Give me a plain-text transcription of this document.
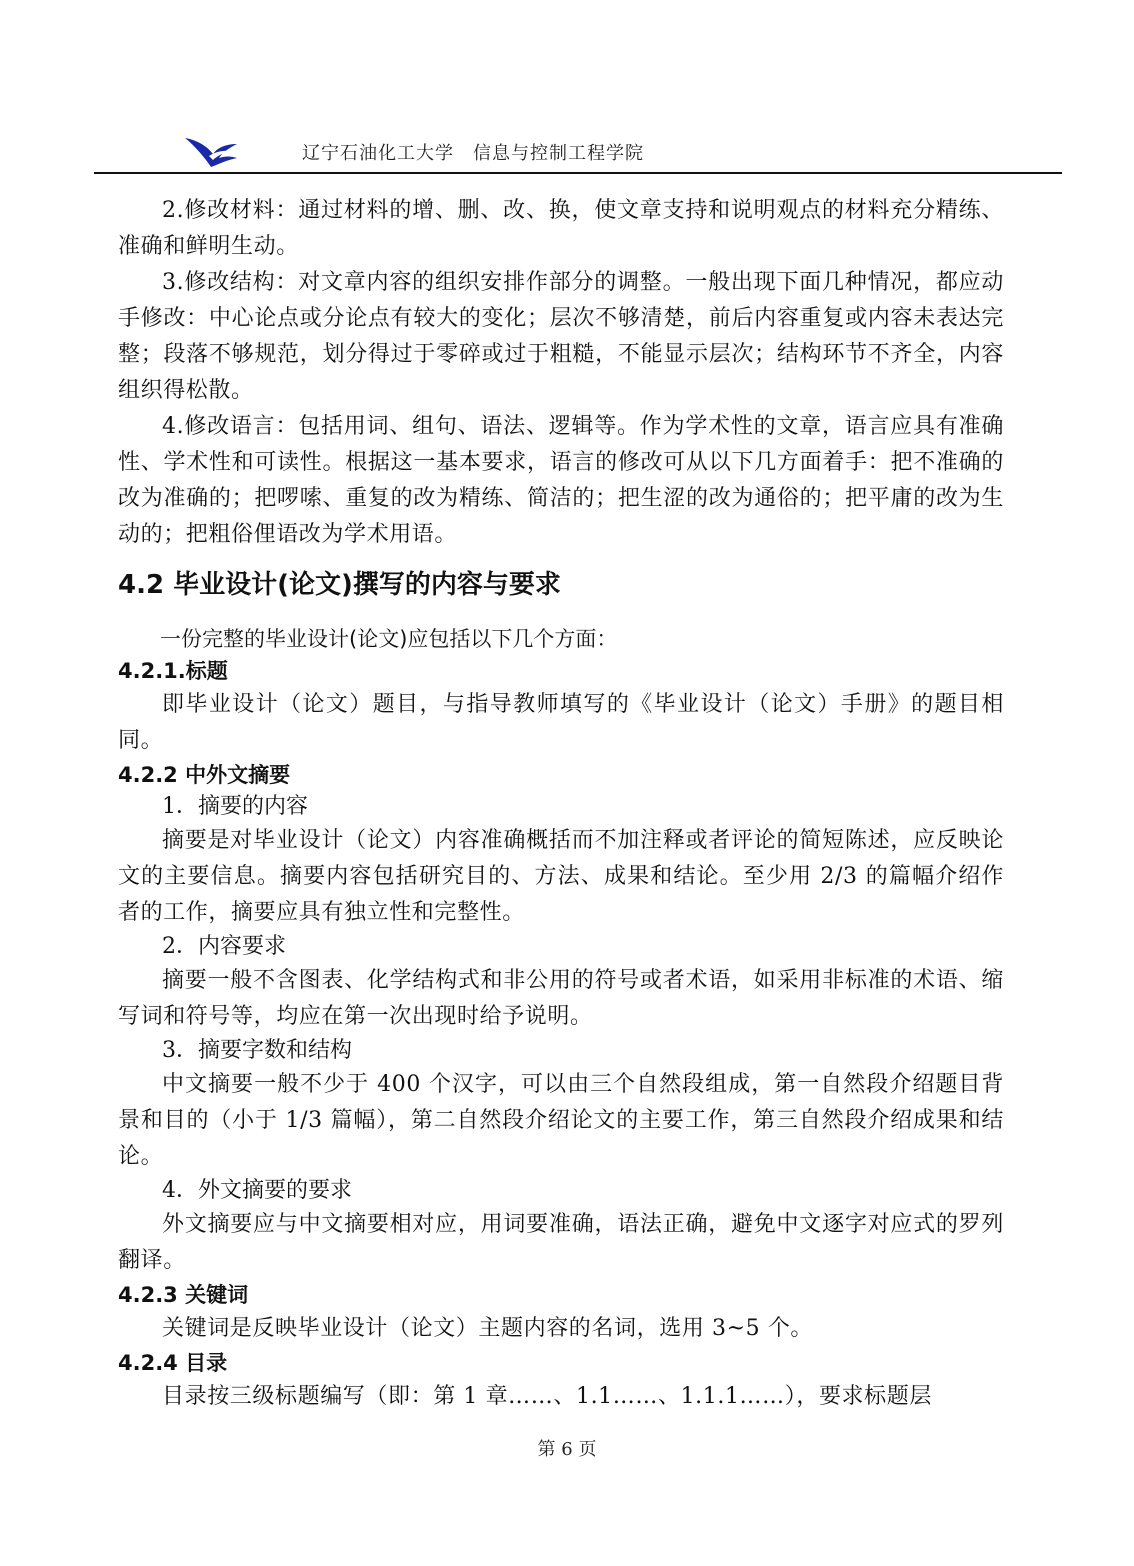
辽宁石油化工大学　信息与控制工程学院

2.修改材料：通过材料的增、删、改、换，使文章支持和说明观点的材料充分精练、准确和鲜明生动。

3.修改结构：对文章内容的组织安排作部分的调整。一般出现下面几种情况，都应动手修改：中心论点或分论点有较大的变化；层次不够清楚，前后内容重复或内容未表达完整；段落不够规范，划分得过于零碎或过于粗糙，不能显示层次；结构环节不齐全，内容组织得松散。

4.修改语言：包括用词、组句、语法、逻辑等。作为学术性的文章，语言应具有准确性、学术性和可读性。根据这一基本要求，语言的修改可从以下几方面着手：把不准确的改为准确的；把啰嗦、重复的改为精练、简洁的；把生涩的改为通俗的；把平庸的改为生动的；把粗俗俚语改为学术用语。

4.2 毕业设计(论文)撰写的内容与要求

一份完整的毕业设计(论文)应包括以下几个方面：

4.2.1.标题

即毕业设计（论文）题目，与指导教师填写的《毕业设计（论文）手册》的题目相同。

4.2.2 中外文摘要

1．摘要的内容

摘要是对毕业设计（论文）内容准确概括而不加注释或者评论的简短陈述，应反映论文的主要信息。摘要内容包括研究目的、方法、成果和结论。至少用 2/3 的篇幅介绍作者的工作，摘要应具有独立性和完整性。

2．内容要求

摘要一般不含图表、化学结构式和非公用的符号或者术语，如采用非标准的术语、缩写词和符号等，均应在第一次出现时给予说明。

3．摘要字数和结构

中文摘要一般不少于 400 个汉字，可以由三个自然段组成，第一自然段介绍题目背景和目的（小于 1/3 篇幅），第二自然段介绍论文的主要工作，第三自然段介绍成果和结论。

4．外文摘要的要求

外文摘要应与中文摘要相对应，用词要准确，语法正确，避免中文逐字对应式的罗列翻译。

4.2.3 关键词

关键词是反映毕业设计（论文）主题内容的名词，选用 3~5 个。

4.2.4 目录

目录按三级标题编写（即：第 1 章……、1.1……、1.1.1……），要求标题层

第 6 页
